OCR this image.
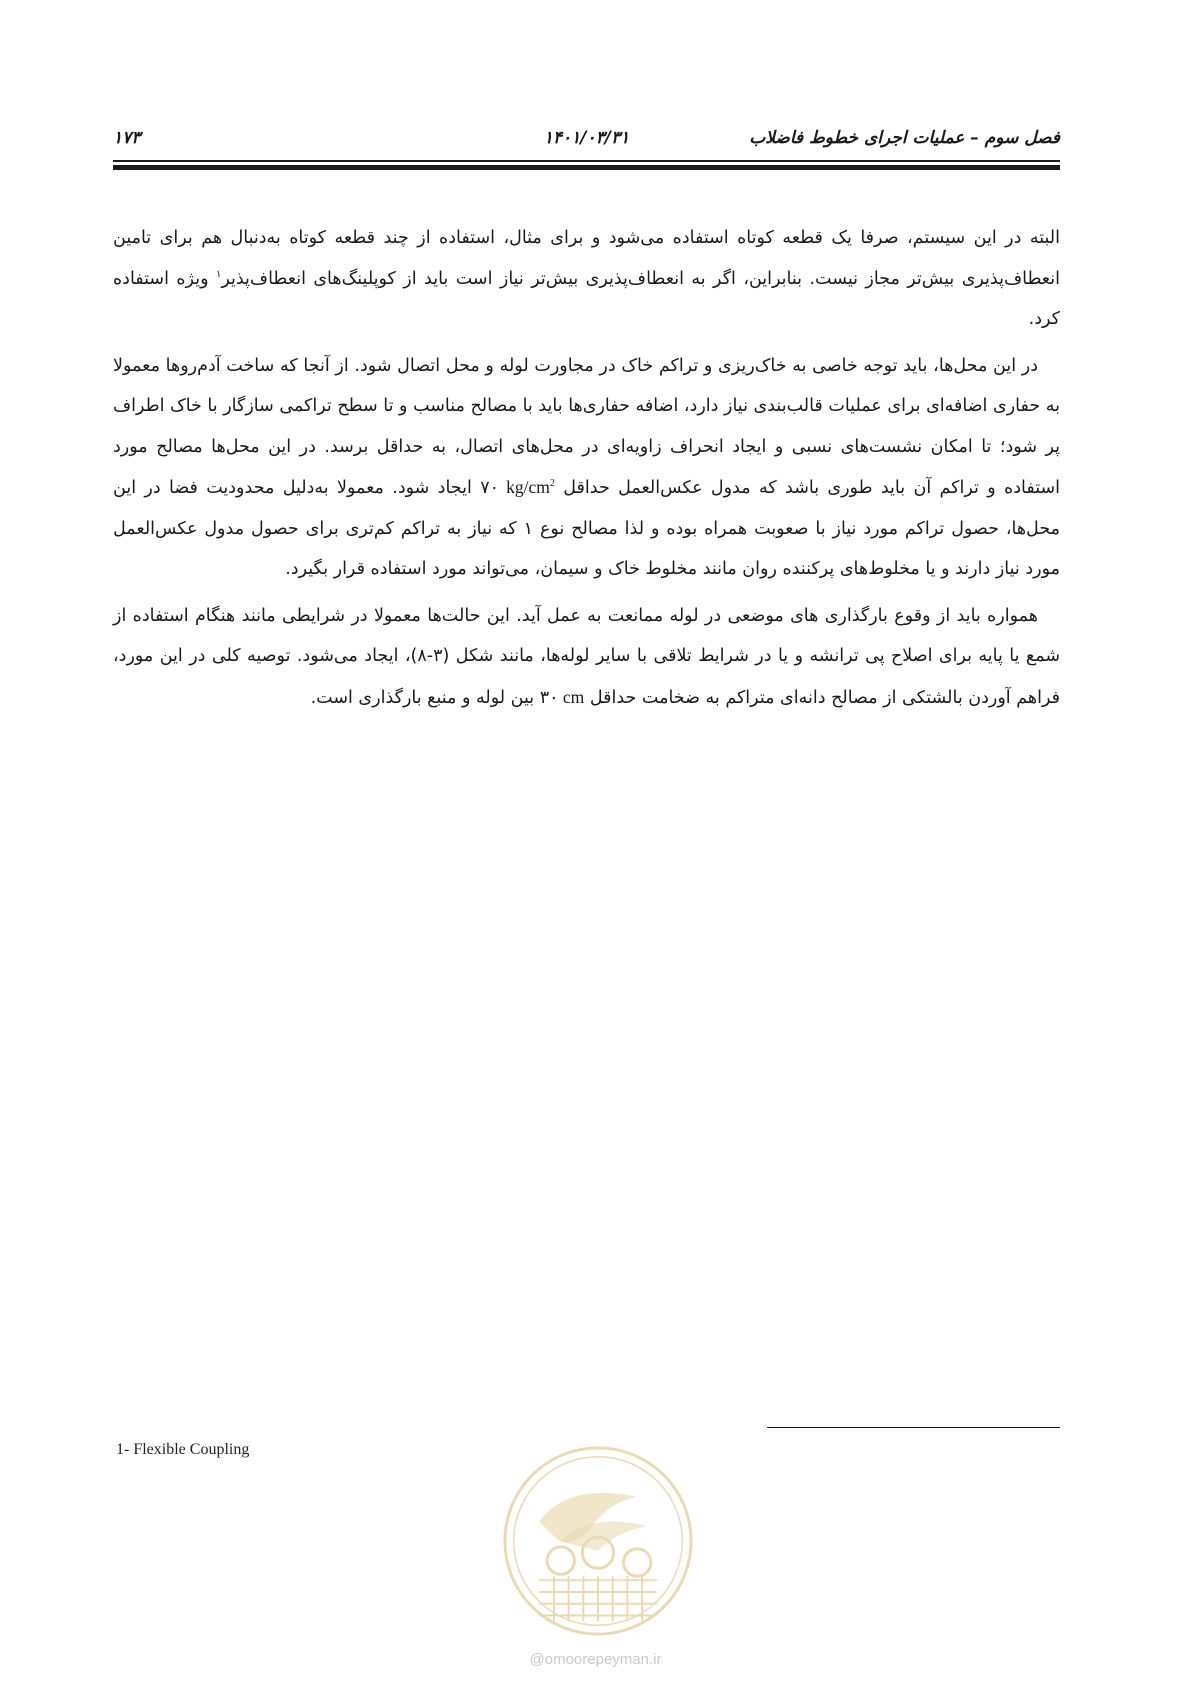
فصل سوم – عملیات اجرای خطوط فاضلاب
۱۴۰۱/۰۳/۳۱
۱۷۳

البته در این سیستم، صرفا یک قطعه کوتاه استفاده می‌شود و برای مثال، استفاده از چند قطعه کوتاه به‌دنبال هم برای تامین انعطاف‌پذیری بیش‌تر مجاز نیست. بنابراین، اگر به انعطاف‌پذیری بیش‌تر نیاز است باید از کوپلینگ‌های انعطاف‌پذیر$^۱$ ویژه استفاده کرد.

در این محل‌ها، باید توجه خاصی به خاک‌ریزی و تراکم خاک در مجاورت لوله و محل اتصال شود. از آنجا که ساخت آدم‌روها معمولا به حفاری اضافه‌ای برای عملیات قالب‌بندی نیاز دارد، اضافه حفاری‌ها باید با مصالح مناسب و تا سطح تراکمی سازگار با خاک اطراف پر شود؛ تا امکان نشست‌های نسبی و ایجاد انحراف زاویه‌ای در محل‌های اتصال، به حداقل برسد. در این محل‌ها مصالح مورد استفاده و تراکم آن باید طوری باشد که مدول عکس‌العمل حداقل ۷۰ $kg/cm^2$ ایجاد شود. معمولا به‌دلیل محدودیت فضا در این محل‌ها، حصول تراکم مورد نیاز با صعوبت همراه بوده و لذا مصالح نوع ۱ که نیاز به تراکم کم‌تری برای حصول مدول عکس‌العمل مورد نیاز دارند و یا مخلوط‌های پرکننده روان مانند مخلوط خاک و سیمان، می‌تواند مورد استفاده قرار بگیرد.

همواره باید از وقوع بارگذاری های موضعی در لوله ممانعت به عمل آید. این حالت‌ها معمولا در شرایطی مانند هنگام استفاده از شمع یا پایه برای اصلاح پی ترانشه و یا در شرایط تلاقی با سایر لوله‌ها، مانند شکل (۳-۸)، ایجاد می‌شود. توصیه کلی در این مورد، فراهم آوردن بالشتکی از مصالح دانه‌ای متراکم به ضخامت حداقل ۳۰ cm بین لوله و منبع بارگذاری است.

1- Flexible Coupling
@omoorepeyman.ir
